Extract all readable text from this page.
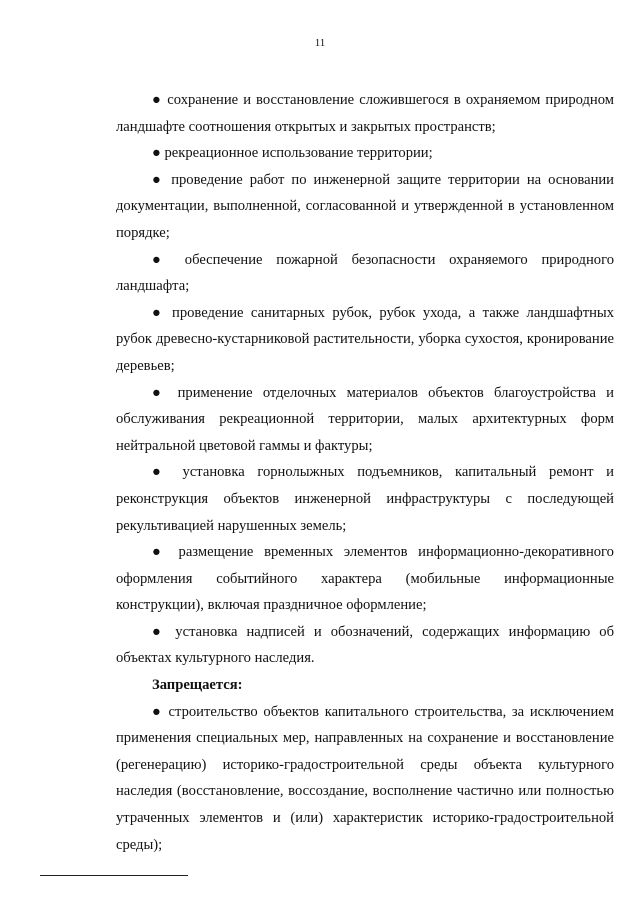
11

● сохранение и восстановление сложившегося в охраняемом природном ландшафте соотношения открытых и закрытых пространств;

● рекреационное использование территории;

● проведение работ по инженерной защите территории на основании документации, выполненной, согласованной и утвержденной в установленном порядке;

● обеспечение пожарной безопасности охраняемого природного ландшафта;

● проведение санитарных рубок, рубок ухода, а также ландшафтных рубок древесно-кустарниковой растительности, уборка сухостоя, кронирование деревьев;

● применение отделочных материалов объектов благоустройства и обслуживания рекреационной территории, малых архитектурных форм нейтральной цветовой гаммы и фактуры;

● установка горнолыжных подъемников, капитальный ремонт и реконструкция объектов инженерной инфраструктуры с последующей рекультивацией нарушенных земель;

● размещение временных элементов информационно-декоративного оформления событийного характера (мобильные информационные конструкции), включая праздничное оформление;

● установка надписей и обозначений, содержащих информацию об объектах культурного наследия.

Запрещается:

● строительство объектов капитального строительства, за исключением применения специальных мер, направленных на сохранение и восстановление (регенерацию) историко-градостроительной среды объекта культурного наследия (восстановление, воссоздание, восполнение частично или полностью утраченных элементов и (или) характеристик историко-градостроительной среды);
